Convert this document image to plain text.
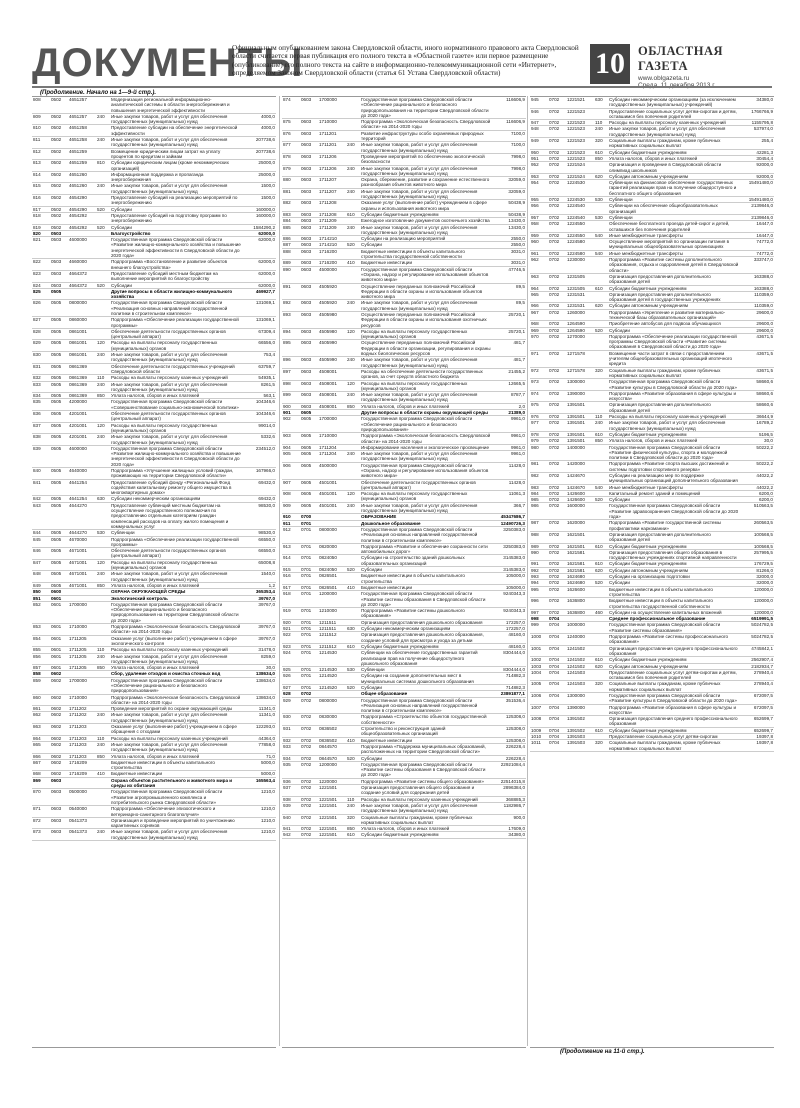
ДОКУМЕНТЫ
Официальным опубликованием закона Свердловской области, иного нормативного правового акта Свердловской области считается первая публикация его полного текста в «Областной газете» или первое размещение (опубликование) его полного текста на сайте в информационно-телекоммуникационной сети «Интернет», определяемом Законом Свердловской области (статья 61 Устава Свердловской области)	10	ОБЛАСТНАЯ ГАЗЕТА
www.oblgazeta.ru
(Продолжение. Начало на 1—9-й стр.).
808	0502	4651257		Модернизация региональной информационно-аналитической системы в области энергосбережения и повышения энергетической эффективности	
809	0502	4651257	240	Иные закупки товаров, работ и услуг для обеспечения государственных (муниципальных) нужд	4000,0
810	0502	4651258		Предоставление субсидии на обеспечение энергетической эффективности	4000,0
811	0502	4651258	240	Иные закупки товаров, работ и услуг для обеспечения государственных (муниципальных) нужд	207738,6
812	0502	4651259		Возмещение юридическим лицам затрат на уплату процентов по кредитам и займам	207738,6
813	0502	4651259	810	Субсидии юридическим лицам (кроме некоммерческих организаций)	25000,0
814	0502	4651260		Информационная поддержка и пропаганда энергосбережения	25000,0
815	0502	4651260	240	Иные закупки товаров, работ и услуг для обеспечения государственных (муниципальных) нужд	1500,0
816	0502	4654290		Предоставление субсидий на реализацию мероприятий по энергосбережению	1500,0
817	0502	4654290	520	Субсидии	160000,0
818	0502	4654292		Предоставление субсидий на подготовку программ по энергосбережению	160000,0
819	0502	4654292	520	Субсидии	1584290,2
820	0503			Благоустройство	62000,0
821	0503	4600000		Государственная программа Свердловской области «Развитие жилищно-коммунального хозяйства и повышение энергетической эффективности в Свердловской области до 2020 года»	62000,0
822	0503	4660000		Подпрограмма «Восстановление и развитие объектов внешнего благоустройства»	62000,0
823	0503	4664372		Предоставление субсидий местным бюджетам на выполнение мероприятий по благоустройству	62000,0
824	0503	4664372	520	Субсидии	62000,0
825	0505			Другие вопросы в области жилищно-коммунального хозяйства	469927,7
826	0505	0800000		Государственная программа Свердловской области «Реализация основных направлений государственной политики в строительном комплексе»	131069,1
827	0505	0860000		Подпрограмма «Обеспечение реализации государственной программы»	131069,1
828	0505	0861001		Обеспечение деятельности государственных органов (центральный аппарат)	67309,4
829	0505	0861001	120	Расходы на выплаты персоналу государственных (муниципальных) органов	66556,0
830	0505	0861001	240	Иные закупки товаров, работ и услуг для обеспечения государственных (муниципальных) нужд	753,4
831	0505	0861369		Обеспечение деятельности государственных учреждений Свердловской области	63759,7
832	0505	0861369	110	Расходы на выплаты персоналу казенных учреждений	54935,1
833	0505	0861369	240	Иные закупки товаров, работ и услуг для обеспечения государственных (муниципальных) нужд	8261,5
834	0505	0861369	850	Уплата налогов, сборов и иных платежей	563,1
835	0505	4200000		Государственная программа Свердловской области «Совершенствование социально-экономической политики»	104346,6
836	0505	4201001		Обеспечение деятельности государственных органов (центральный аппарат)	104346,6
837	0505	4201001	120	Расходы на выплаты персоналу государственных (муниципальных) органов	99014,0
838	0505	4201001	240	Иные закупки товаров, работ и услуг для обеспечения государственных (муниципальных) нужд	5332,6
839	0505	4600000		Государственная программа Свердловской области «Развитие жилищно-коммунального хозяйства и повышение энергетической эффективности в Свердловской области до 2020 года»	234512,0
840	0505	4640000		Подпрограмма «Улучшение жилищных условий граждан, проживающих на территории Свердловской области»	167966,0
841	0505	4641254		Предоставление субсидий фонду «Региональный Фонд содействия капитальному ремонту общего имущества в многоквартирных домах»	69432,0
842	0505	4641254	630	Субсидии некоммерческим организациям	69432,0
843	0505	4644270		Предоставление субвенций местным бюджетам на осуществление государственного полномочия по предоставлению отдельным категориям граждан компенсаций расходов на оплату жилого помещения и коммунальных услуг	98530,0
844	0505	4644270	530	Субвенции	98530,0
845	0505	4670000		Подпрограмма «Обеспечение реализации государственной программы»	66550,0
846	0505	4671001		Обеспечение деятельности государственных органов (центральный аппарат)	66550,0
847	0505	4671001	120	Расходы на выплаты персоналу государственных (муниципальных) органов	65008,8
848	0505	4671001	240	Иные закупки товаров, работ и услуг для обеспечения государственных (муниципальных) нужд	1540,0
849	0505	4671001	850	Уплата налогов, сборов и иных платежей	1,2
850	0600			ОХРАНА ОКРУЖАЮЩЕЙ СРЕДЫ	365353,4
851	0601			Экологический контроль	39767,0
852	0601	1700000		Государственная программа Свердловской области «Обеспечение рационального и безопасного природопользования на территории Свердловской области до 2020 года»	39767,0
853	0601	1710000		Подпрограмма «Экологическая безопасность Свердловской области» на 2014-2020 годы	39767,0
854	0601	1711205		Оказание услуг (выполнение работ) учреждением в сфере экологического контроля	39767,0
855	0601	1711205	110	Расходы на выплаты персоналу казенных учреждений	31478,0
856	0601	1711205	240	Иные закупки товаров, работ и услуг для обеспечения государственных (муниципальных) нужд	8259,0
857	0601	1711205	850	Уплата налогов, сборов и иных платежей	30,0
858	0602			Сбор, удаление отходов и очистка сточных вод	138634,0
859	0602	1700000		Государственная программа Свердловской области «Обеспечение рационального и безопасного природопользования»	138634,0
860	0602	1710000		Подпрограмма «Экологическая безопасность Свердловской области» на 2014-2020 годы	138634,0
861	0602	1711202		Проведение мероприятий по охране окружающей среды	11341,0
862	0602	1711202	240	Иные закупки товаров, работ и услуг для обеспечения государственных (муниципальных) нужд	11341,0
863	0602	1711203		Оказание услуг (выполнение работ) учреждением в сфере обращения с отходами	122293,0
864	0602	1711203	110	Расходы на выплаты персоналу казенных учреждений	44364,0
865	0602	1711203	240	Иные закупки товаров, работ и услуг для обеспечения государственных (муниципальных) нужд	77858,0
866	0602	1711203	850	Уплата налогов, сборов и иных платежей	71,0
867	0602	1716209		Бюджетные инвестиции в объекты капитального строительства	5000,0
868	0602	1716209	410	Бюджетные инвестиции	5000,0
869	0603			Охрана объектов растительного и животного мира и среды их обитания	165563,4
870	0603	0500000		Государственная программа Свердловской области «Развитие агропромышленного комплекса и потребительского рынка Свердловской области»	1210,0
871	0603	0540000		Подпрограмма «Обеспечение эпизоотического и ветеринарно-санитарного благополучия»	1210,0
872	0603	0541373		Организация и проведение мероприятий по уничтожению карантинных сорняков	1210,0
873	0603	0541373	240	Иные закупки товаров, работ и услуг для обеспечения государственных (муниципальных) нужд	1210,0
874	0603	1700000		Государственная программа Свердловской области «Обеспечение рационального и безопасного природопользования на территории Свердловской области до 2020 года»	116606,9
875	0603	1710000		Подпрограмма «Экологическая безопасность Свердловской области» на 2014-2020 годы	116606,9
876	0603	1711201		Развитие инфраструктуры особо охраняемых природных территорий	7100,0
877	0603	1711201	240	Иные закупки товаров, работ и услуг для обеспечения государственных (муниципальных) нужд	7100,0
878	0603	1711206		Проведение мероприятий по обеспечению экологической безопасности	7998,0
879	0603	1711206	240	Иные закупки товаров, работ и услуг для обеспечения государственных (муниципальных) нужд	7998,0
880	0603	1711207		Охрана, сбережение, развитие и сохранение естественного разнообразия объектов животного мира	32059,0
881	0603	1711207	240	Иные закупки товаров, работ и услуг для обеспечения государственных (муниципальных) нужд	32059,0
882	0603	1711208		Оказание услуг (выполнение работ) учреждением в сфере охраны и использования животного мира	50438,9
883	0603	1711208	610	Субсидии бюджетным учреждениям	50438,9
884	0603	1711209		Ежегодное изготовление документов охотничьего хозяйства	13430,0
885	0603	1711209	240	Иные закупки товаров, работ и услуг для обеспечения государственных (муниципальных) нужд	13430,0
886	0603	1714210		Субсидии на реализацию мероприятий	2550,0
887	0603	1714210	520	Субсидии	2550,0
888	0603	1716200		Бюджетные инвестиции в объекты капитального строительства государственной собственности	3031,0
889	0603	1716200	410	Бюджетные инвестиции	3031,0
890	0603	4500000		Государственная программа Свердловской области «Охрана, надзор и регулирование использования объектов животного мира»	47746,5
891	0603	4505920		Осуществление переданных полномочий Российской Федерации в области охраны и использования объектов животного мира	89,5
892	0603	4505920	240	Иные закупки товаров, работ и услуг для обеспечения государственных (муниципальных) нужд	89,5
893	0603	4505980		Осуществление переданных полномочий Российской Федерации в области охраны и использования охотничьих ресурсов	25720,1
894	0603	4505980	120	Расходы на выплаты персоналу государственных (муниципальных) органов	25720,1
895	0603	4505990		Осуществление переданных полномочий Российской Федерации в области организации, регулирования и охраны водных биологических ресурсов	481,7
896	0603	4505990	240	Иные закупки товаров, работ и услуг для обеспечения государственных (муниципальных) нужд	481,7
897	0603	4508001		Расходы на обеспечение деятельности государственных органов, за счет средств областного бюджета	21455,2
898	0603	4508001	120	Расходы на выплаты персоналу государственных (муниципальных) органов	12665,5
899	0603	4508001	240	Иные закупки товаров, работ и услуг для обеспечения государственных (муниципальных) нужд	8787,7
900	0603	4508001	850	Уплата налогов, сборов и иных платежей	2,0
901	0605			Другие вопросы в области охраны окружающей среды	21389,0
902	0605	1700000		Государственная программа Свердловской области «Обеспечение рационального и безопасного природопользования»	9961,0
903	0605	1710000		Подпрограмма «Экологическая безопасность Свердловской области» на 2014-2020 годы	9961,0
904	0605	1711204		Информирование населения и экологическое просвещение	9961,0
905	0605	1711204	240	Иные закупки товаров, работ и услуг для обеспечения государственных (муниципальных) нужд	9961,0
906	0605	4500000		Государственная программа Свердловской области «Охрана, надзор и регулирование использования объектов животного мира»	11428,0
907	0605	4501001		Обеспечение деятельности государственных органов (центральный аппарат)	11428,0
908	0605	4501001	120	Расходы на выплаты персоналу государственных (муниципальных) органов	11061,3
909	0605	4501001	240	Иные закупки товаров, работ и услуг для обеспечения государственных (муниципальных) нужд	366,7
910	0700			ОБРАЗОВАНИЕ	45347686,7
911	0701			Дошкольное образование	12490726,3
912	0701	0800000		Государственная программа Свердловской области «Реализация основных направлений государственной политики в строительном комплексе»	3250383,0
913	0701	0820000		Подпрограмма «Развитие и обеспечение сохранности сети автомобильных дорог»	3250383,0
914	0701	0824050		Субсидии на строительство зданий дошкольных образовательных организаций	3145383,0
915	0701	0824050	520	Субсидии	3145383,0
916	0701	0826501		Бюджетные инвестиции в объекты капитального строительства	105000,0
917	0701	0826501	410	Бюджетные инвестиции	105000,0
918	0701	1200000		Государственная программа Свердловской области «Развитие системы образования в Свердловской области до 2020 года»	9240343,3
919	0701	1210000		Подпрограмма «Развитие системы дошкольного образования»	9240343,3
920	0701	1211511		Организация предоставления дошкольного образования	172257,0
921	0701	1211511	630	Субсидии некоммерческим организациям	172257,0
922	0701	1211512		Организация предоставления дошкольного образования, создание условий для присмотра и ухода за детьми	48160,0
923	0701	1211512	610	Субсидии бюджетным учреждениям	48160,0
924	0701	1214530		Субвенции на обеспечение государственных гарантий реализации прав на получение общедоступного дошкольного образования	8304444,0
925	0701	1214530	530	Субвенции	8304444,0
926	0701	1214520		Субсидии на создание дополнительных мест в муниципальных системах дошкольного образования	714882,3
927	0701	1214520	520	Субсидии	714882,3
928	0702			Общее образование	23891877,1
929	0702	0800000		Государственная программа Свердловской области «Реализация основных направлений государственной политики в строительном комплексе»	351536,4
930	0702	0830000		Подпрограмма «Строительство объектов государственной собственности»	125308,0
931	0702	0836502		Строительство и реконструкция зданий общеобразовательных организаций	125308,0
932	0702	0836502	410	Бюджетные инвестиции	125308,0
933	0702	0844570		Подпрограмма «Поддержка муниципальных образований, расположенных на территории Свердловской области»	226228,4
934	0702	0844570	520	Субсидии	226228,4
935	0702	1200000		Государственная программа Свердловской области «Развитие системы образования в Свердловской области до 2020 года»	22921084,4
936	0702	1220000		Подпрограмма «Развитие системы общего образования»	22514015,8
937	0702	1221501		Организация предоставления общего образования и создание условий для содержания детей	2896384,0
938	0702	1221501	110	Расходы на выплаты персоналу казенных учреждений	368885,3
939	0702	1221501	240	Иные закупки товаров, работ и услуг для обеспечения государственных (муниципальных) нужд	1182986,7
940	0702	1221501	320	Социальные выплаты гражданам, кроме публичных нормативных социальных выплат	900,0
941	0702	1221501	850	Уплата налогов, сборов и иных платежей	17609,0
942	0702	1221501	610	Субсидии бюджетным учреждениям	34380,0
945	0702	1221521	630	Субсидии некоммерческим организациям (за исключением государственных (муниципальных) учреждений)	34380,0
946	0702	1221523		Предоставление социальных услуг детям-сиротам и детям, оставшимся без попечения родителей	1766766,9
947	0702	1221523	110	Расходы на выплаты персоналу казенных учреждений	1155795,8
948	0702	1221523	240	Иные закупки товаров, работ и услуг для обеспечения государственных (муниципальных) нужд	537974,0
949	0702	1221523	320	Социальные выплаты гражданам, кроме публичных нормативных социальных выплат	255,4
950	0702	1221523	610	Субсидии бюджетным учреждениям	42281,3
951	0702	1221523	850	Уплата налогов, сборов и иных платежей	30454,4
952	0702	1221524		Организация и проведение в Свердловской области олимпиад школьников	92000,0
953	0702	1221524	620	Субсидии автономным учреждениям	92000,0
954	0702	1224530		Субвенции на финансовое обеспечение государственных гарантий реализации прав на получение общедоступного и бесплатного общего образования	15491480,0
955	0702	1224530	530	Субвенции	15491480,0
956	0702	1224540		Субвенции на обеспечение общеобразовательных организаций	2139846,0
957	0702	1224540	530	Субвенции	2139846,0
958	0702	1224550		Обеспечение бесплатного проезда детей-сирот и детей, оставшихся без попечения родителей	16447,0
959	0702	1224550	540	Иные межбюджетные трансферты	16447,0
960	0702	1224580		Осуществление мероприятий по организации питания в муниципальных общеобразовательных организациях	74772,0
961	0702	1224580	540	Иные межбюджетные трансферты	74772,0
962	0702	1230000		Подпрограмма «Развитие системы дополнительного образования, отдыха и оздоровления детей в Свердловской области»	333747,0
963	0702	1231505		Организация предоставления дополнительного образования детей	163388,0
964	0702	1231505	610	Субсидии бюджетным учреждениям	163388,0
965	0702	1231531		Организация предоставления дополнительного образования детей в государственных учреждениях	110359,0
966	0702	1231531	620	Субсидии автономным учреждениям	110359,0
967	0702	1260000		Подпрограмма «Укрепление и развитие материально-технической базы образовательных организаций»	29600,0
968	0702	1264590		Приобретение автобусов для подвоза обучающихся	29600,0
969	0702	1264590	520	Субсидии	29600,0
970	0702	1270000		Подпрограмма «Обеспечение реализации государственной программы Свердловской области «Развитие системы образования в Свердловской области до 2020 года»	43671,5
971	0702	1271578		Возмещение части затрат в связи с предоставлением учителям общеобразовательных организаций ипотечного кредита	43671,5
972	0702	1271578	320	Социальные выплаты гражданам, кроме публичных нормативных социальных выплат	43671,5
973	0702	1300000		Государственная программа Свердловской области «Развитие культуры в Свердловской области до 2020 года»	58660,6
974	0702	1390000		Подпрограмма «Развитие образования в сфере культуры и искусства»	58660,6
975	0702	1391501		Организация предоставления дополнительного образования детей	58660,6
976	0702	1391501	110	Расходы на выплаты персоналу казенных учреждений	36644,9
977	0702	1391501	240	Иные закупки товаров, работ и услуг для обеспечения государственных (муниципальных) нужд	16789,2
978	0702	1391501	610	Субсидии бюджетным учреждениям	5196,5
979	0702	1391501	850	Уплата налогов, сборов и иных платежей	30,0
980	0702	1400000		Государственная программа Свердловской области «Развитие физической культуры, спорта и молодежной политики в Свердловской области до 2020 года»	50222,2
981	0702	1420000		Подпрограмма «Развитие спорта высших достижений и системы подготовки спортивного резерва»	50222,2
982	0702	1424670		Субсидии на реализацию мер по поддержке муниципальных организаций дополнительного образования	44022,2
983	0702	1424670	540	Иные межбюджетные трансферты	44022,2
984	0702	1426600		Капитальный ремонт зданий и помещений	6200,0
985	0702	1426600	520	Субсидии	6200,0
986	0702	1600000		Государственная программа Свердловской области «Развитие здравоохранения Свердловской области до 2020 года»	510563,5
987	0702	1620000		Подпрограмма «Развитие государственной системы профилактики наркомании»	260563,5
988	0702	1621501		Организация предоставления дополнительного образования детей	100568,5
989	0702	1621501	610	Субсидии бюджетным учреждениям	100568,5
990	0702	1621581		Организация предоставления общего образования в государственных учреждениях спортивной направленности	257995,5
991	0702	1621581	610	Субсидии бюджетным учреждениям	176729,5
992	0702	1621581	620	Субсидии автономным учреждениям	81266,0
993	0702	1624680		Субсидии на организацию подготовки	32000,0
994	0702	1624680	520	Субсидии	32000,0
995	0702	1626600		Бюджетные инвестиции в объекты капитального строительства	120000,0
996	0702	1636800		Бюджетные инвестиции в объекты капитального строительства государственной собственности	120000,0
997	0702	1636800	460	Субсидии на осуществление капитальных вложений	120000,0
998	0704			Среднее профессиональное образование	6519991,5
999	0704	1000000		Государственная программа Свердловской области «Развитие системы образования»	5024782,5
1000	0704	1240000		Подпрограмма «Развитие системы профессионального образования»	5024782,5
1001	0704	1241502		Организация предоставления среднего профессионального образования	4745842,1
1002	0704	1241502	610	Субсидии бюджетным учреждениям	2562907,4
1003	0704	1241502	620	Субсидии автономным учреждениям	2182934,7
1004	0704	1241503		Предоставление социальных услуг детям-сиротам и детям, оставшимся без попечения родителей	278940,4
1005	0704	1241503	320	Социальные выплаты гражданам, кроме публичных нормативных социальных выплат	278940,4
1006	0704	1300000		Государственная программа Свердловской области «Развитие культуры в Свердловской области до 2020 года»	672097,5
1007	0704	1390000		Подпрограмма «Развитие образования в сфере культуры и искусства»	672097,5
1008	0704	1391502		Организация предоставления среднего профессионального образования	652699,7
1009	0704	1391502	610	Субсидии бюджетным учреждениям	652699,7
1010	0704	1391503		Предоставление социальных услуг детям-сиротам	19397,8
1011	0704	1391503	320	Социальные выплаты гражданам, кроме публичных нормативных социальных выплат	19397,8
(Продолжение на 11-й стр.).
